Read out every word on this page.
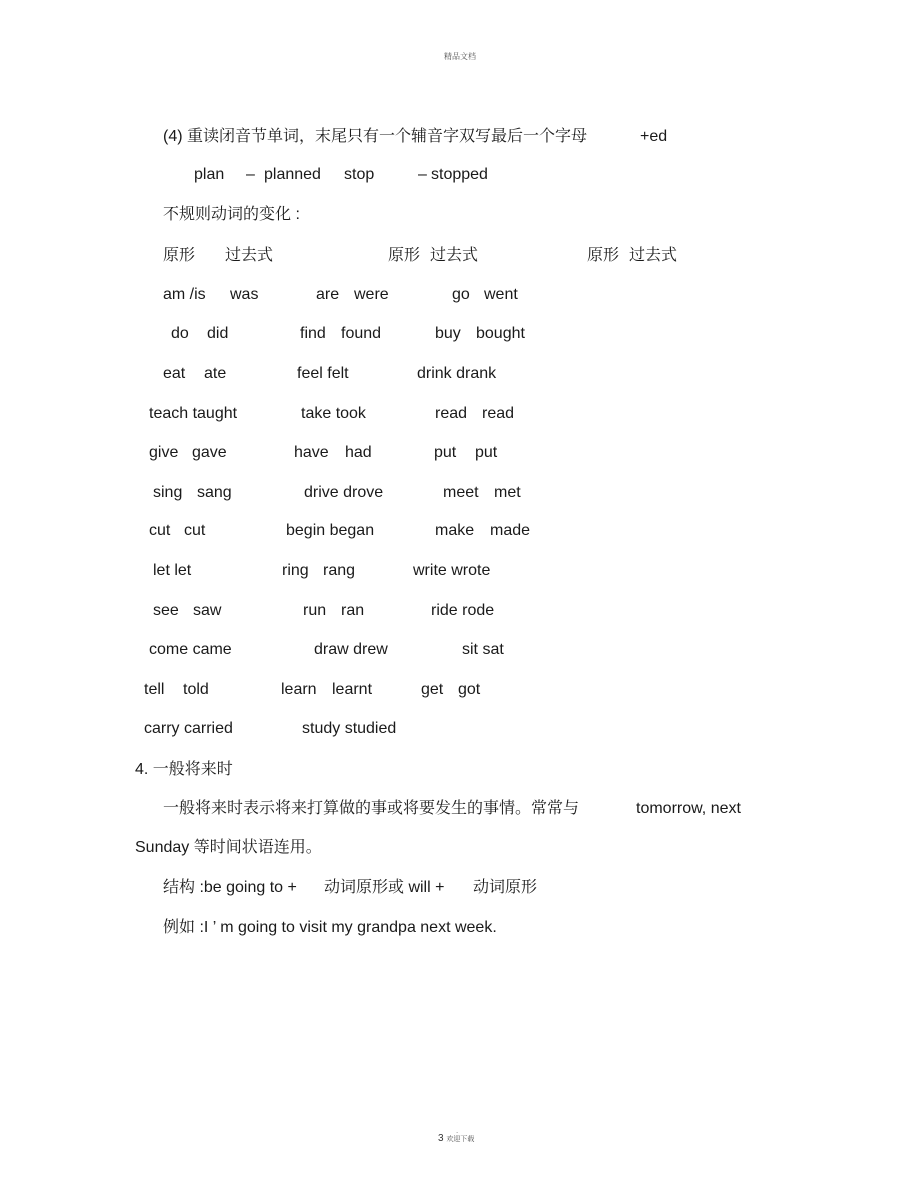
精品文档
(4) 重读闭音节单词，末尾只有一个辅音字双写最后一个字母	+ed
plan – planned stop	– stopped
不规则动词的变化 :
原形 过去式	原形 过去式	原形 过去式
am /is was	are were	go went
do did	find found	buy bought
eat ate	feel felt	drink drank
teach taught	take took	read read
give gave	have had	put put
sing sang	drive drove	meet met
cut cut	begin began	make made
let let	ring rang	write wrote
see saw	run ran	ride rode
come came	draw drew	sit sat
tell told	learn learnt	get got
carry carried	study studied
4. 一般将来时
一般将来时表示将来打算做的事或将要发生的事情。常常与	tomorrow, next
Sunday 等时间状语连用。
结构 :be going to + 动词原形或 will + 动词原形
例如 :I ’ m going to visit my grandpa next week.
.
3 欢迎下载
